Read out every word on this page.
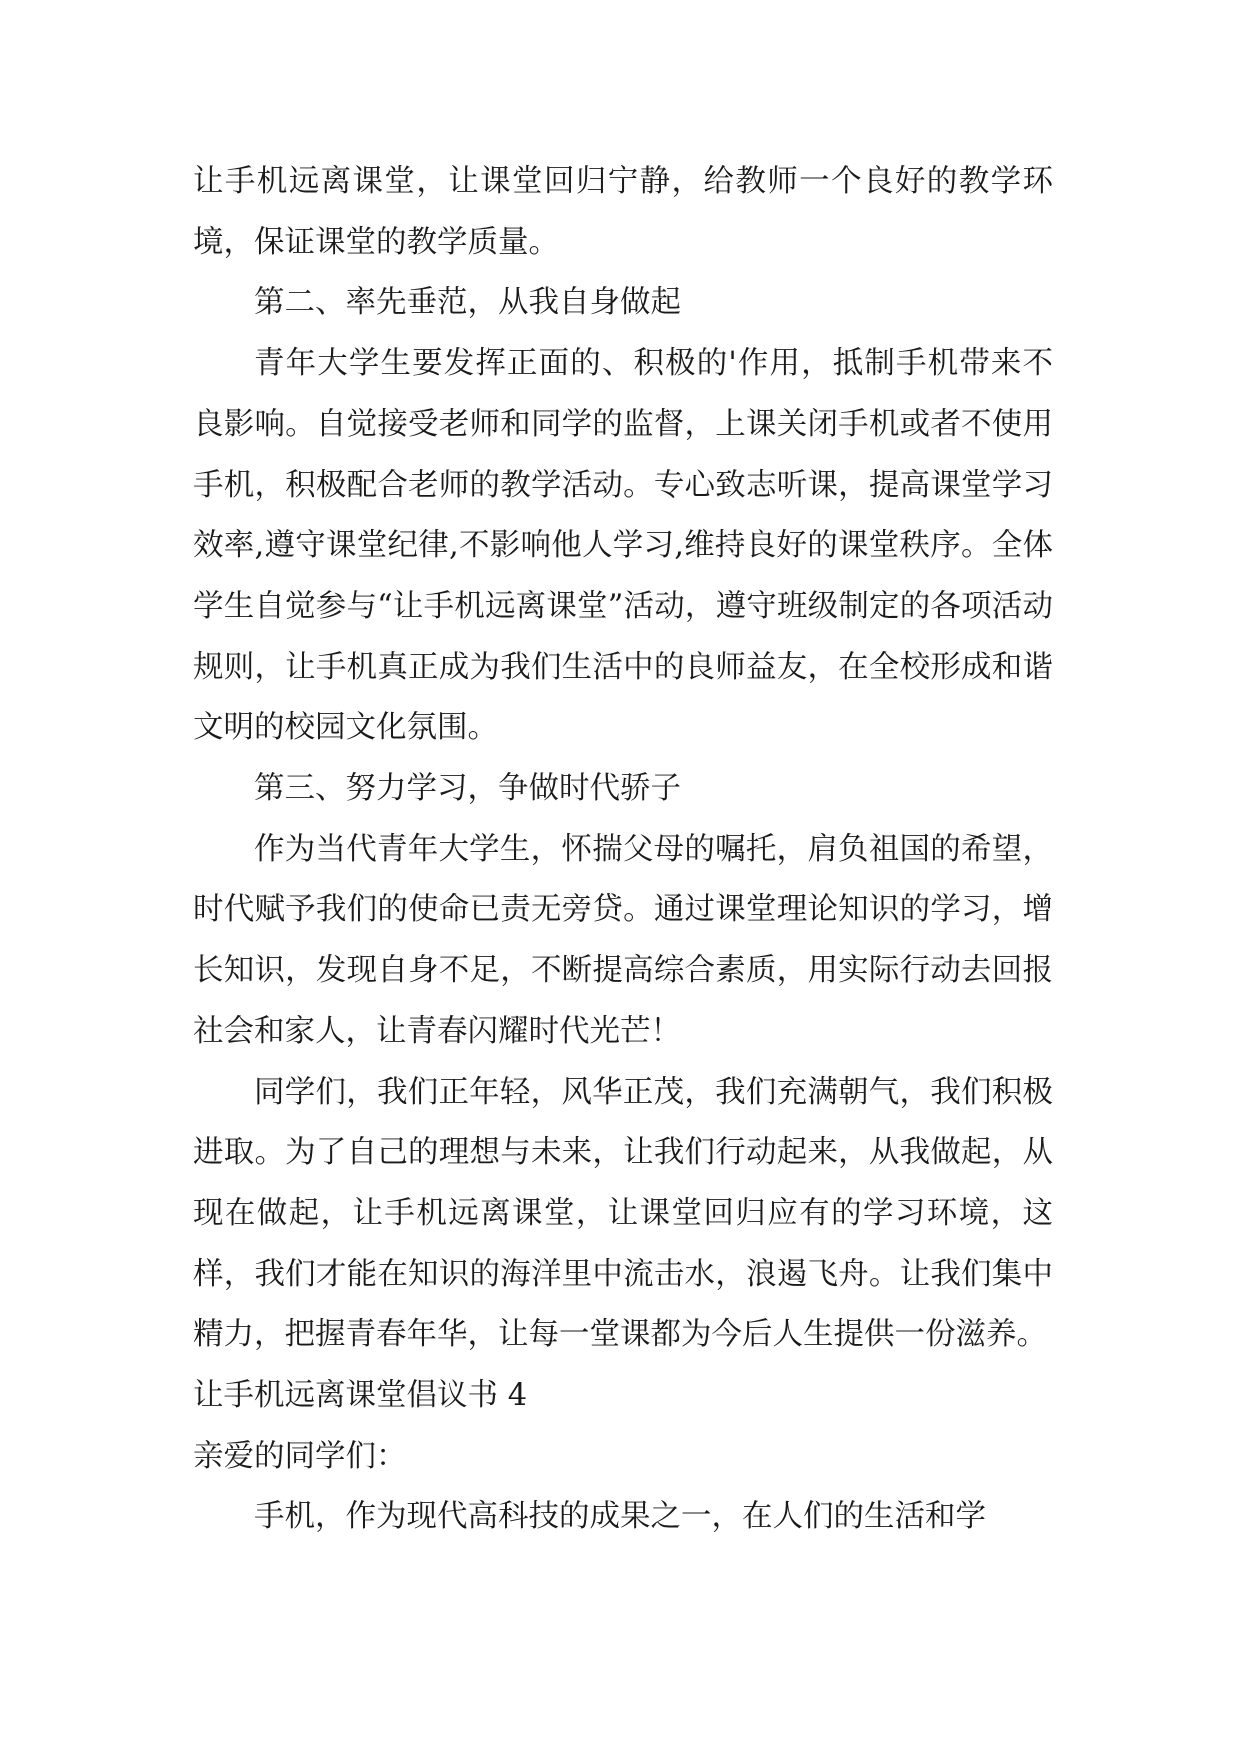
让手机远离课堂，让课堂回归宁静，给教师一个良好的教学环境，保证课堂的教学质量。

第二、率先垂范，从我自身做起

青年大学生要发挥正面的、积极的'作用，抵制手机带来不良影响。自觉接受老师和同学的监督，上课关闭手机或者不使用手机，积极配合老师的教学活动。专心致志听课，提高课堂学习效率,遵守课堂纪律,不影响他人学习,维持良好的课堂秩序。全体学生自觉参与“让手机远离课堂”活动，遵守班级制定的各项活动规则，让手机真正成为我们生活中的良师益友，在全校形成和谐文明的校园文化氛围。

第三、努力学习，争做时代骄子

作为当代青年大学生，怀揣父母的嘱托，肩负祖国的希望，时代赋予我们的使命已责无旁贷。通过课堂理论知识的学习，增长知识，发现自身不足，不断提高综合素质，用实际行动去回报社会和家人，让青春闪耀时代光芒！

同学们，我们正年轻，风华正茂，我们充满朝气，我们积极进取。为了自己的理想与未来，让我们行动起来，从我做起，从现在做起，让手机远离课堂，让课堂回归应有的学习环境，这样，我们才能在知识的海洋里中流击水，浪遏飞舟。让我们集中精力，把握青春年华，让每一堂课都为今后人生提供一份滋养。

让手机远离课堂倡议书 4

亲爱的同学们：

手机，作为现代高科技的成果之一，在人们的生活和学
